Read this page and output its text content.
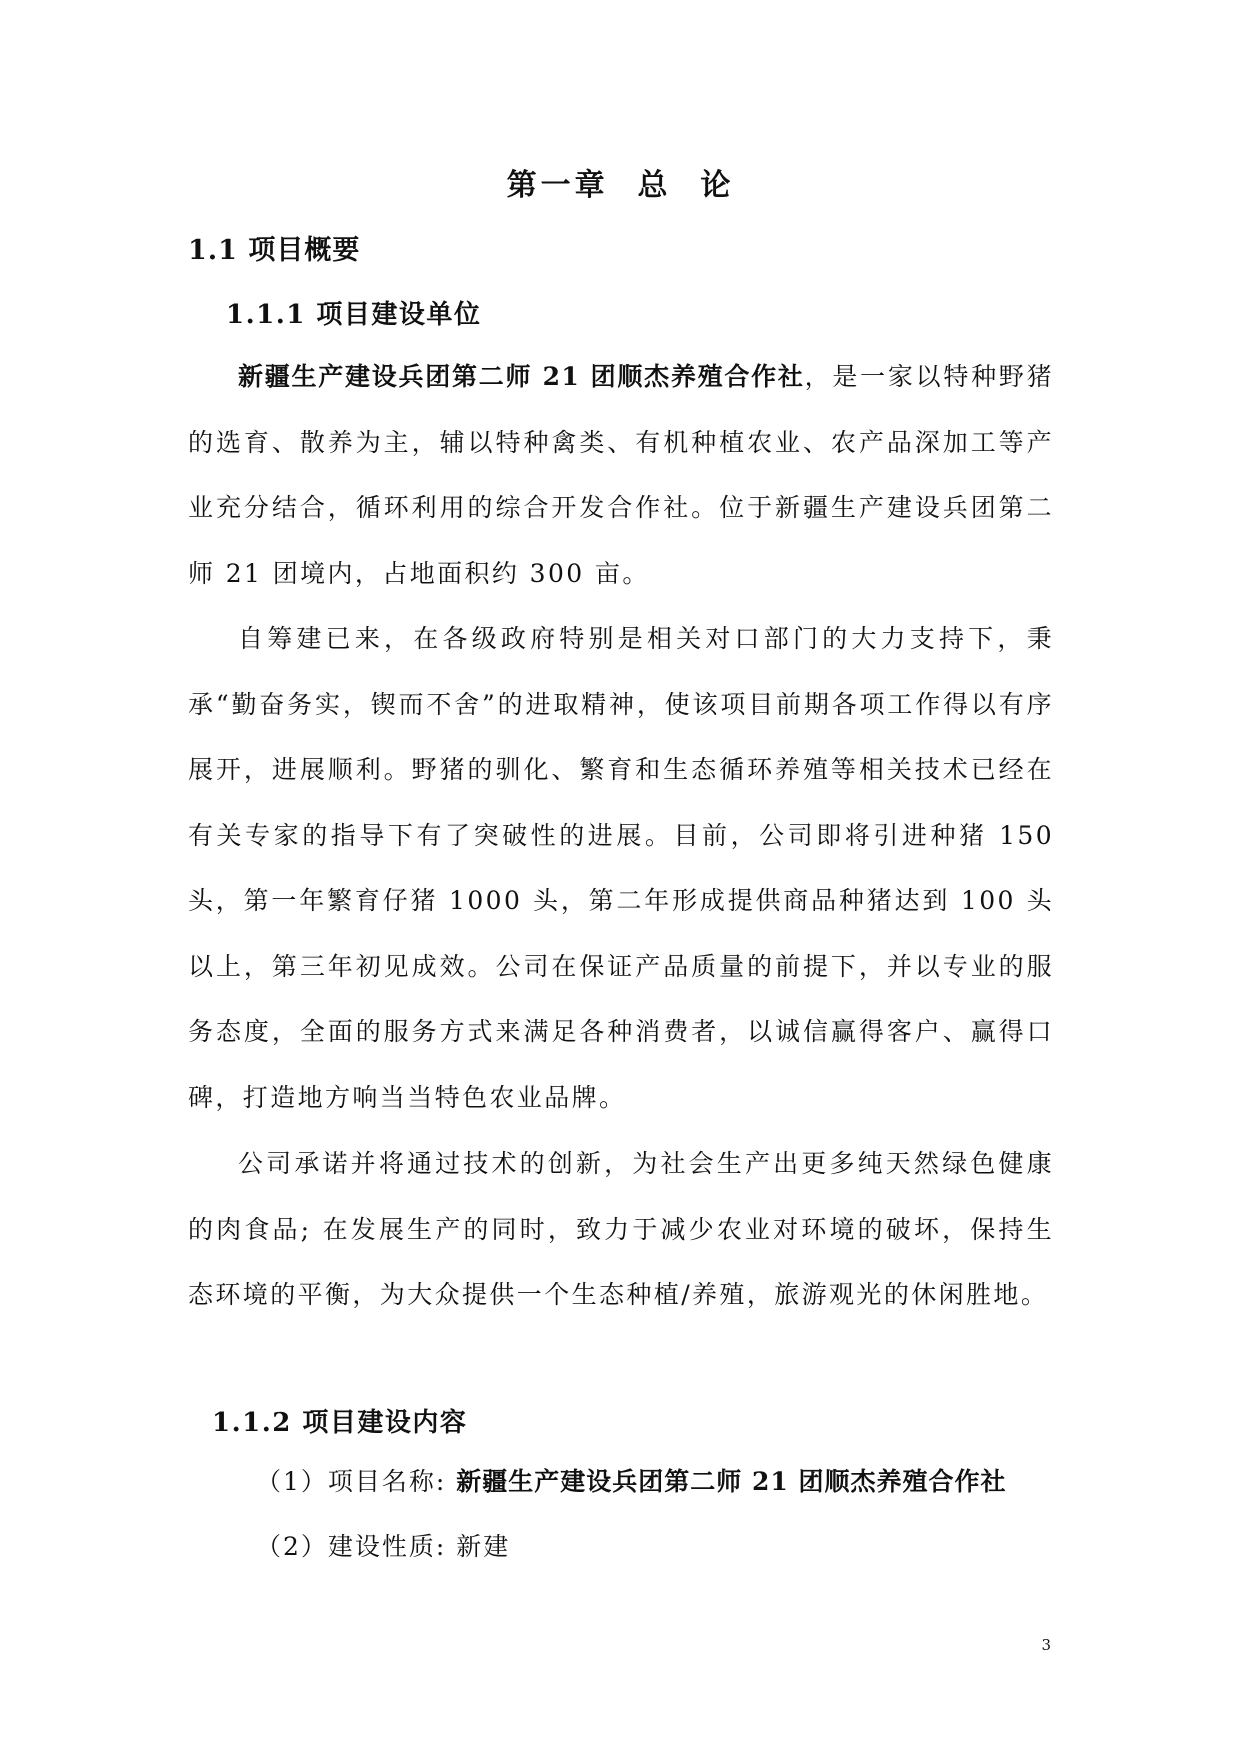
第一章  总  论
1.1 项目概要
1.1.1 项目建设单位

新疆生产建设兵团第二师 21 团顺杰养殖合作社，是一家以特种野猪的选育、散养为主，辅以特种禽类、有机种植农业、农产品深加工等产业充分结合，循环利用的综合开发合作社。位于新疆生产建设兵团第二师 21 团境内，占地面积约 300 亩。

自筹建已来，在各级政府特别是相关对口部门的大力支持下，秉承“勤奋务实，锲而不舍”的进取精神，使该项目前期各项工作得以有序展开，进展顺利。野猪的驯化、繁育和生态循环养殖等相关技术已经在有关专家的指导下有了突破性的进展。目前，公司即将引进种猪 150 头，第一年繁育仔猪 1000 头，第二年形成提供商品种猪达到 100 头以上，第三年初见成效。公司在保证产品质量的前提下，并以专业的服务态度，全面的服务方式来满足各种消费者，以诚信赢得客户、赢得口碑，打造地方响当当特色农业品牌。

公司承诺并将通过技术的创新，为社会生产出更多纯天然绿色健康的肉食品; 在发展生产的同时，致力于减少农业对环境的破坏，保持生态环境的平衡，为大众提供一个生态种植/养殖，旅游观光的休闲胜地。

1.1.2 项目建设内容
（1）项目名称: 新疆生产建设兵团第二师 21 团顺杰养殖合作社
（2）建设性质: 新建
3
